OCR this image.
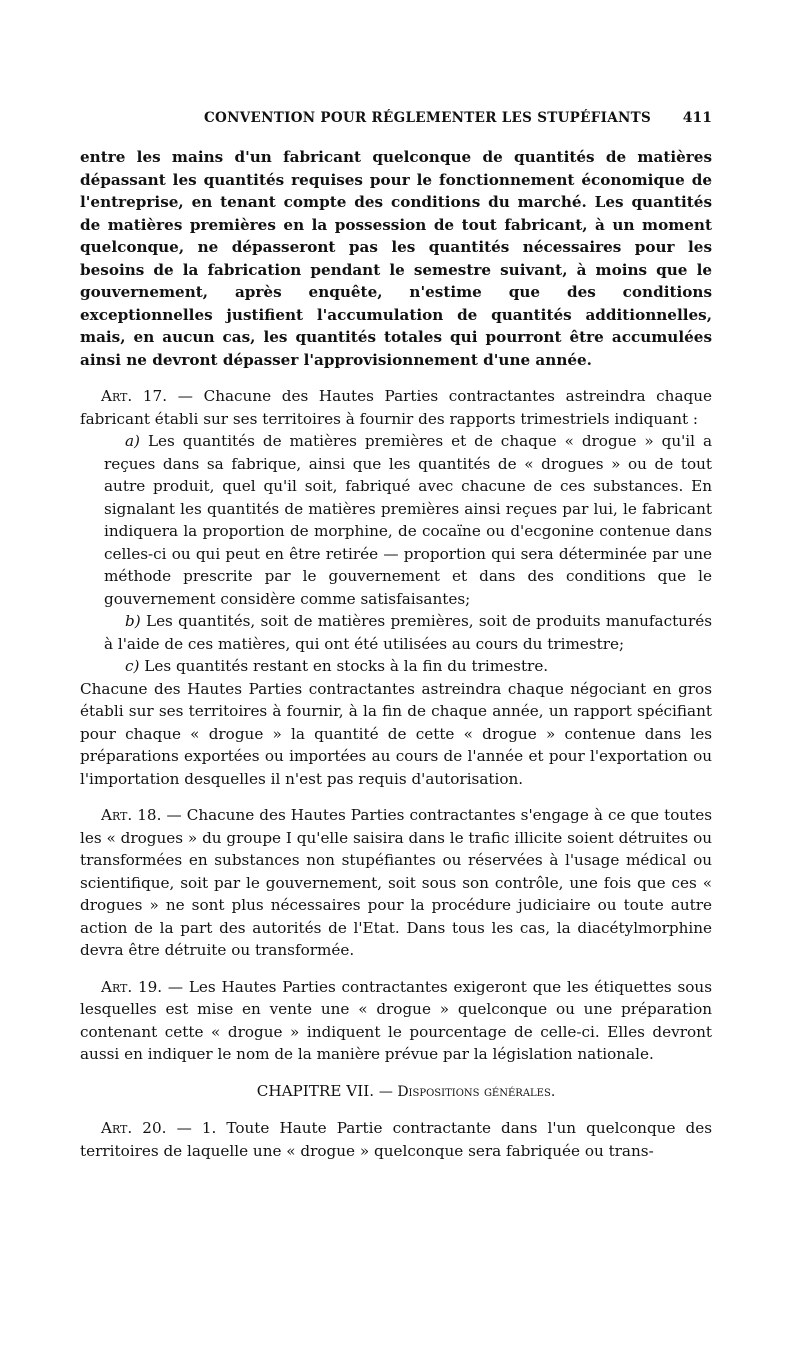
CONVENTION POUR RÉGLEMENTER LES STUPÉFIANTS 411

entre les mains d'un fabricant quelconque de quantités de matières dépassant les quantités requises pour le fonctionnement économique de l'entreprise, en tenant compte des conditions du marché. Les quantités de matières premières en la possession de tout fabricant, à un moment quelconque, ne dépasseront pas les quantités nécessaires pour les besoins de la fabrication pendant le semestre suivant, à moins que le gouvernement, après enquête, n'estime que des conditions exceptionnelles justifient l'accumulation de quantités additionnelles, mais, en aucun cas, les quantités totales qui pourront être accumulées ainsi ne devront dépasser l'approvisionnement d'une année.

Art. 17. — Chacune des Hautes Parties contractantes astreindra chaque fabricant établi sur ses territoires à fournir des rapports trimestriels indiquant :

a) Les quantités de matières premières et de chaque « drogue » qu'il a reçues dans sa fabrique, ainsi que les quantités de « drogues » ou de tout autre produit, quel qu'il soit, fabriqué avec chacune de ces substances. En signalant les quantités de matières premières ainsi reçues par lui, le fabricant indiquera la proportion de morphine, de cocaïne ou d'ecgonine contenue dans celles-ci ou qui peut en être retirée — proportion qui sera déterminée par une méthode prescrite par le gouvernement et dans des conditions que le gouvernement considère comme satisfaisantes;

b) Les quantités, soit de matières premières, soit de produits manufacturés à l'aide de ces matières, qui ont été utilisées au cours du trimestre;

c) Les quantités restant en stocks à la fin du trimestre.

Chacune des Hautes Parties contractantes astreindra chaque négociant en gros établi sur ses territoires à fournir, à la fin de chaque année, un rapport spécifiant pour chaque « drogue » la quantité de cette « drogue » contenue dans les préparations exportées ou importées au cours de l'année et pour l'exportation ou l'importation desquelles il n'est pas requis d'autorisation.

Art. 18. — Chacune des Hautes Parties contractantes s'engage à ce que toutes les « drogues » du groupe I qu'elle saisira dans le trafic illicite soient détruites ou transformées en substances non stupéfiantes ou réservées à l'usage médical ou scientifique, soit par le gouvernement, soit sous son contrôle, une fois que ces « drogues » ne sont plus nécessaires pour la procédure judiciaire ou toute autre action de la part des autorités de l'Etat. Dans tous les cas, la diacétylmorphine devra être détruite ou transformée.

Art. 19. — Les Hautes Parties contractantes exigeront que les étiquettes sous lesquelles est mise en vente une « drogue » quelconque ou une préparation contenant cette « drogue » indiquent le pourcentage de celle-ci. Elles devront aussi en indiquer le nom de la manière prévue par la législation nationale.

CHAPITRE VII. — Dispositions générales.

Art. 20. — 1. Toute Haute Partie contractante dans l'un quelconque des territoires de laquelle une « drogue » quelconque sera fabriquée ou trans-
